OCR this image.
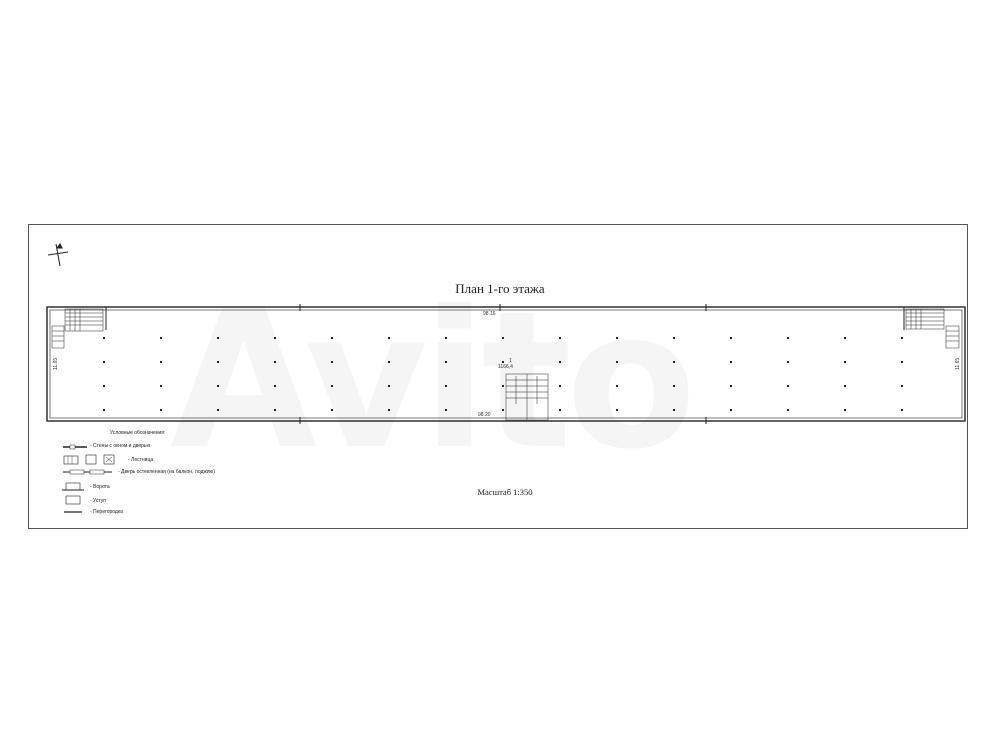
План 1-го этажа
Масштаб 1:350
98.16
98.20
11.65	11.65
1
1166,4
Условные обозначения:
- Стены с окном и дверью
- Лестница
- Дверь остекленная (на балкон, лоджию)
- Ворота
- Уступ
- Перегородка
